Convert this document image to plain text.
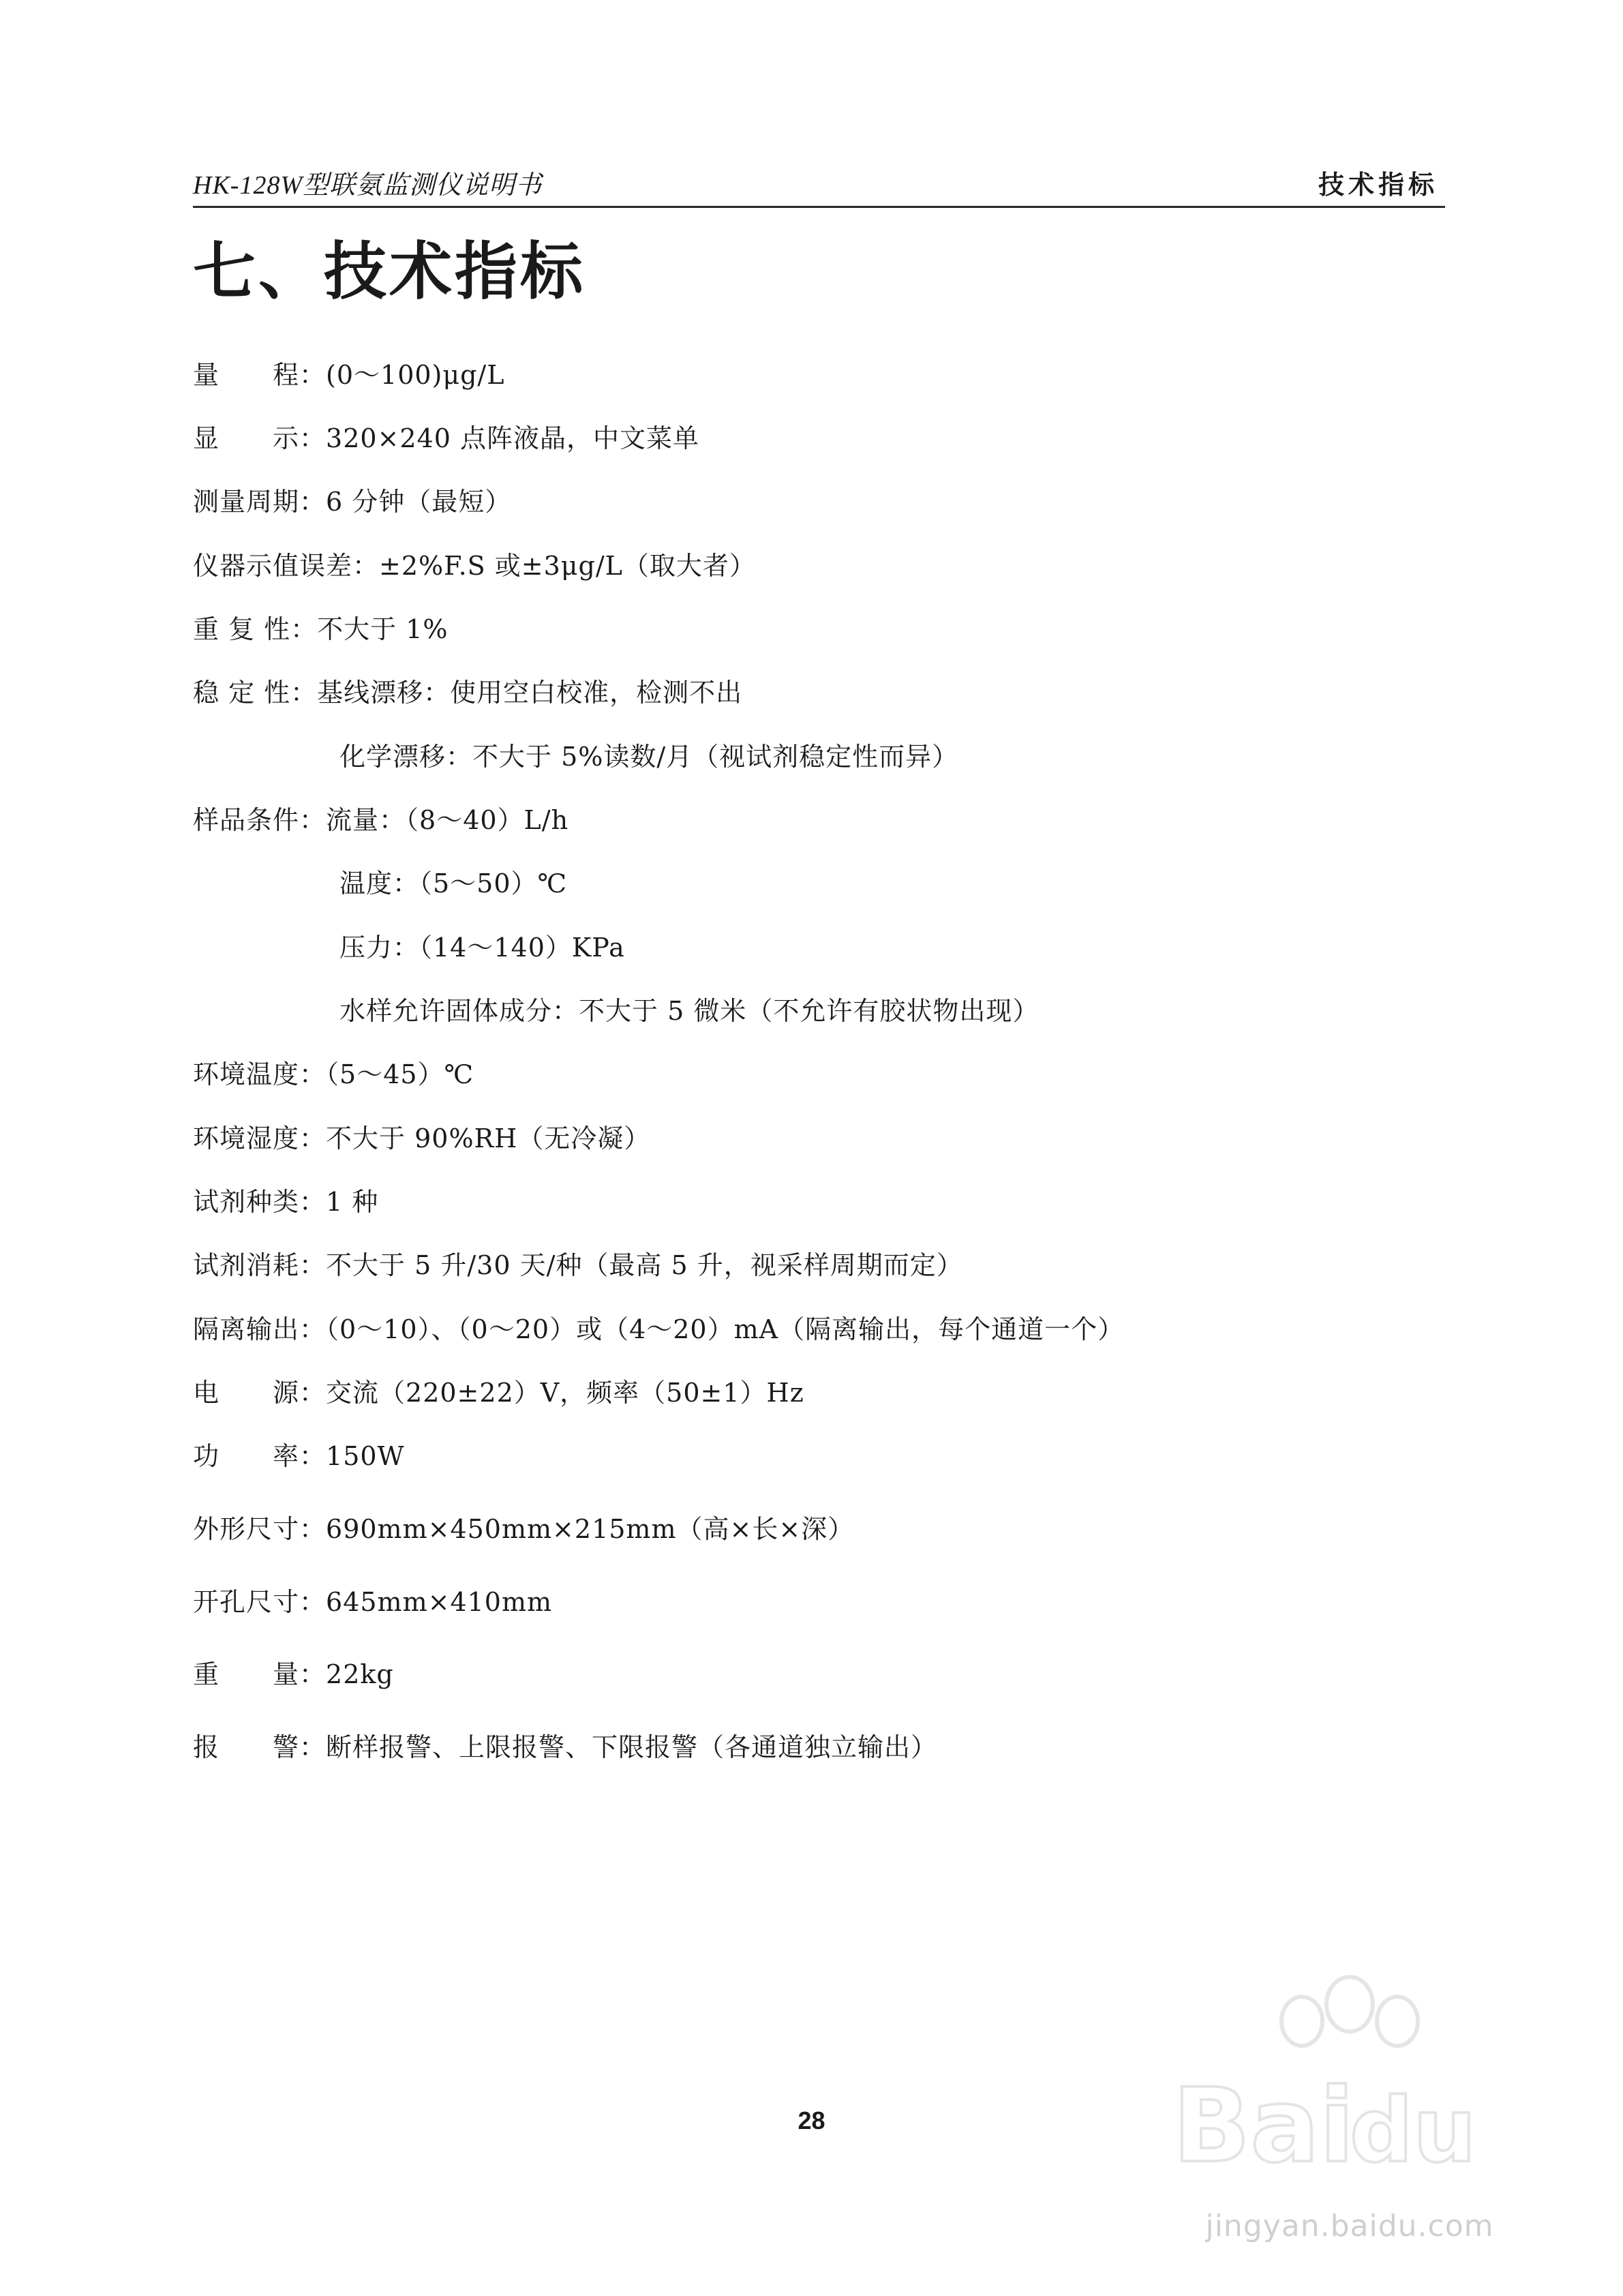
HK-128W型联氨监测仪说明书	技术指标
七、技术指标
量　　程：(0～100)μg/L
显　　示：320×240 点阵液晶，中文菜单
测量周期：6 分钟（最短）
仪器示值误差：±2%F.S 或±3μg/L（取大者）
重 复 性：不大于 1%
稳 定 性：基线漂移：使用空白校准，检测不出
化学漂移：不大于 5%读数/月（视试剂稳定性而异）
样品条件：流量：（8～40）L/h
温度：（5～50）℃
压力：（14～140）KPa
水样允许固体成分：不大于 5 微米（不允许有胶状物出现）
环境温度：（5～45）℃
环境湿度：不大于 90%RH（无冷凝）
试剂种类：1 种
试剂消耗：不大于 5 升/30 天/种（最高 5 升，视采样周期而定）
隔离输出：（0～10）、（0～20）或（4～20）mA（隔离输出，每个通道一个）
电　　源：交流（220±22）V，频率（50±1）Hz
功　　率：150W
外形尺寸：690mm×450mm×215mm（高×长×深）
开孔尺寸：645mm×410mm
重　　量：22kg
报　　警：断样报警、上限报警、下限报警（各通道独立输出）
28	Bai
du
jingyan.baidu.com
